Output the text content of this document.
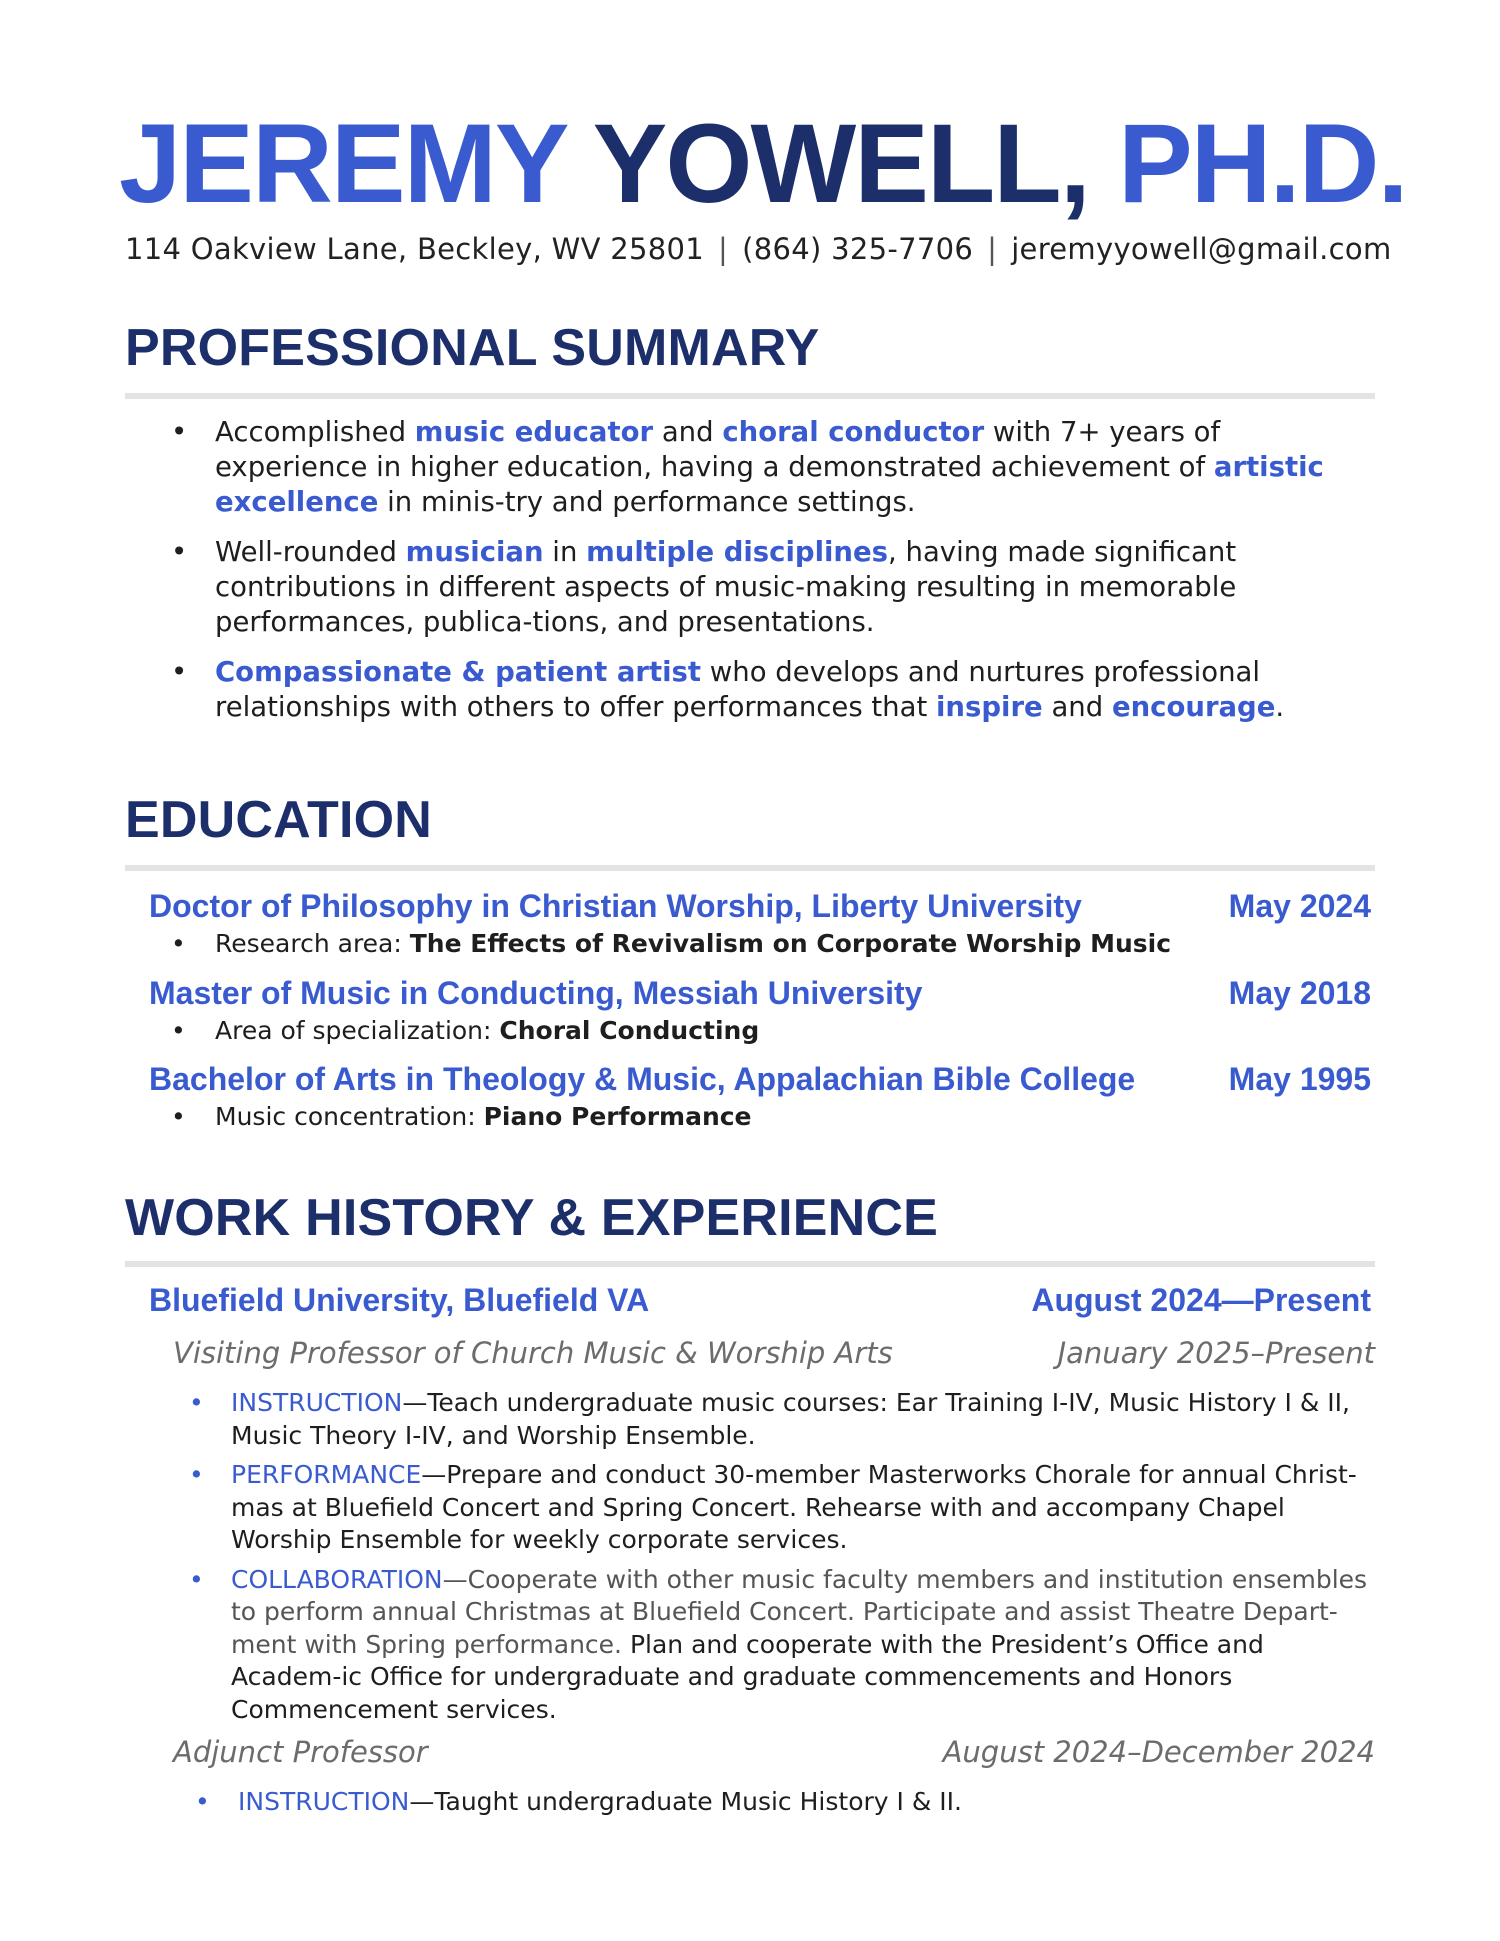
JEREMY YOWELL, PH.D.
114 Oakview Lane, Beckley, WV 25801 | (864) 325-7706 | jeremyyowell@gmail.com
PROFESSIONAL SUMMARY
• Accomplished music educator and choral conductor with 7+ years of experience in higher education, having a demonstrated achievement of artistic excellence in minis-try and performance settings.
• Well-rounded musician in multiple disciplines, having made significant contributions in different aspects of music-making resulting in memorable performances, publica-tions, and presentations.
• Compassionate & patient artist who develops and nurtures professional relationships with others to offer performances that inspire and encourage.
EDUCATION
Doctor of Philosophy in Christian Worship, Liberty University	May 2024
• Research area: The Effects of Revivalism on Corporate Worship Music
Master of Music in Conducting, Messiah University	May 2018
• Area of specialization: Choral Conducting
Bachelor of Arts in Theology & Music, Appalachian Bible College	May 1995
• Music concentration: Piano Performance
WORK HISTORY & EXPERIENCE
Bluefield University, Bluefield VA	August 2024—Present
Visiting Professor of Church Music & Worship Arts	January 2025–Present
• INSTRUCTION—Teach undergraduate music courses: Ear Training I-IV, Music History I & II, Music Theory I-IV, and Worship Ensemble.
• PERFORMANCE—Prepare and conduct 30-member Masterworks Chorale for annual Christ-mas at Bluefield Concert and Spring Concert. Rehearse with and accompany Chapel Worship Ensemble for weekly corporate services.
• COLLABORATION—Cooperate with other music faculty members and institution ensembles to perform annual Christmas at Bluefield Concert. Participate and assist Theatre Depart-ment with Spring performance. Plan and cooperate with the President’s Office and Academ-ic Office for undergraduate and graduate commencements and Honors Commencement services.
Adjunct Professor	August 2024–December 2024
• INSTRUCTION—Taught undergraduate Music History I & II.
